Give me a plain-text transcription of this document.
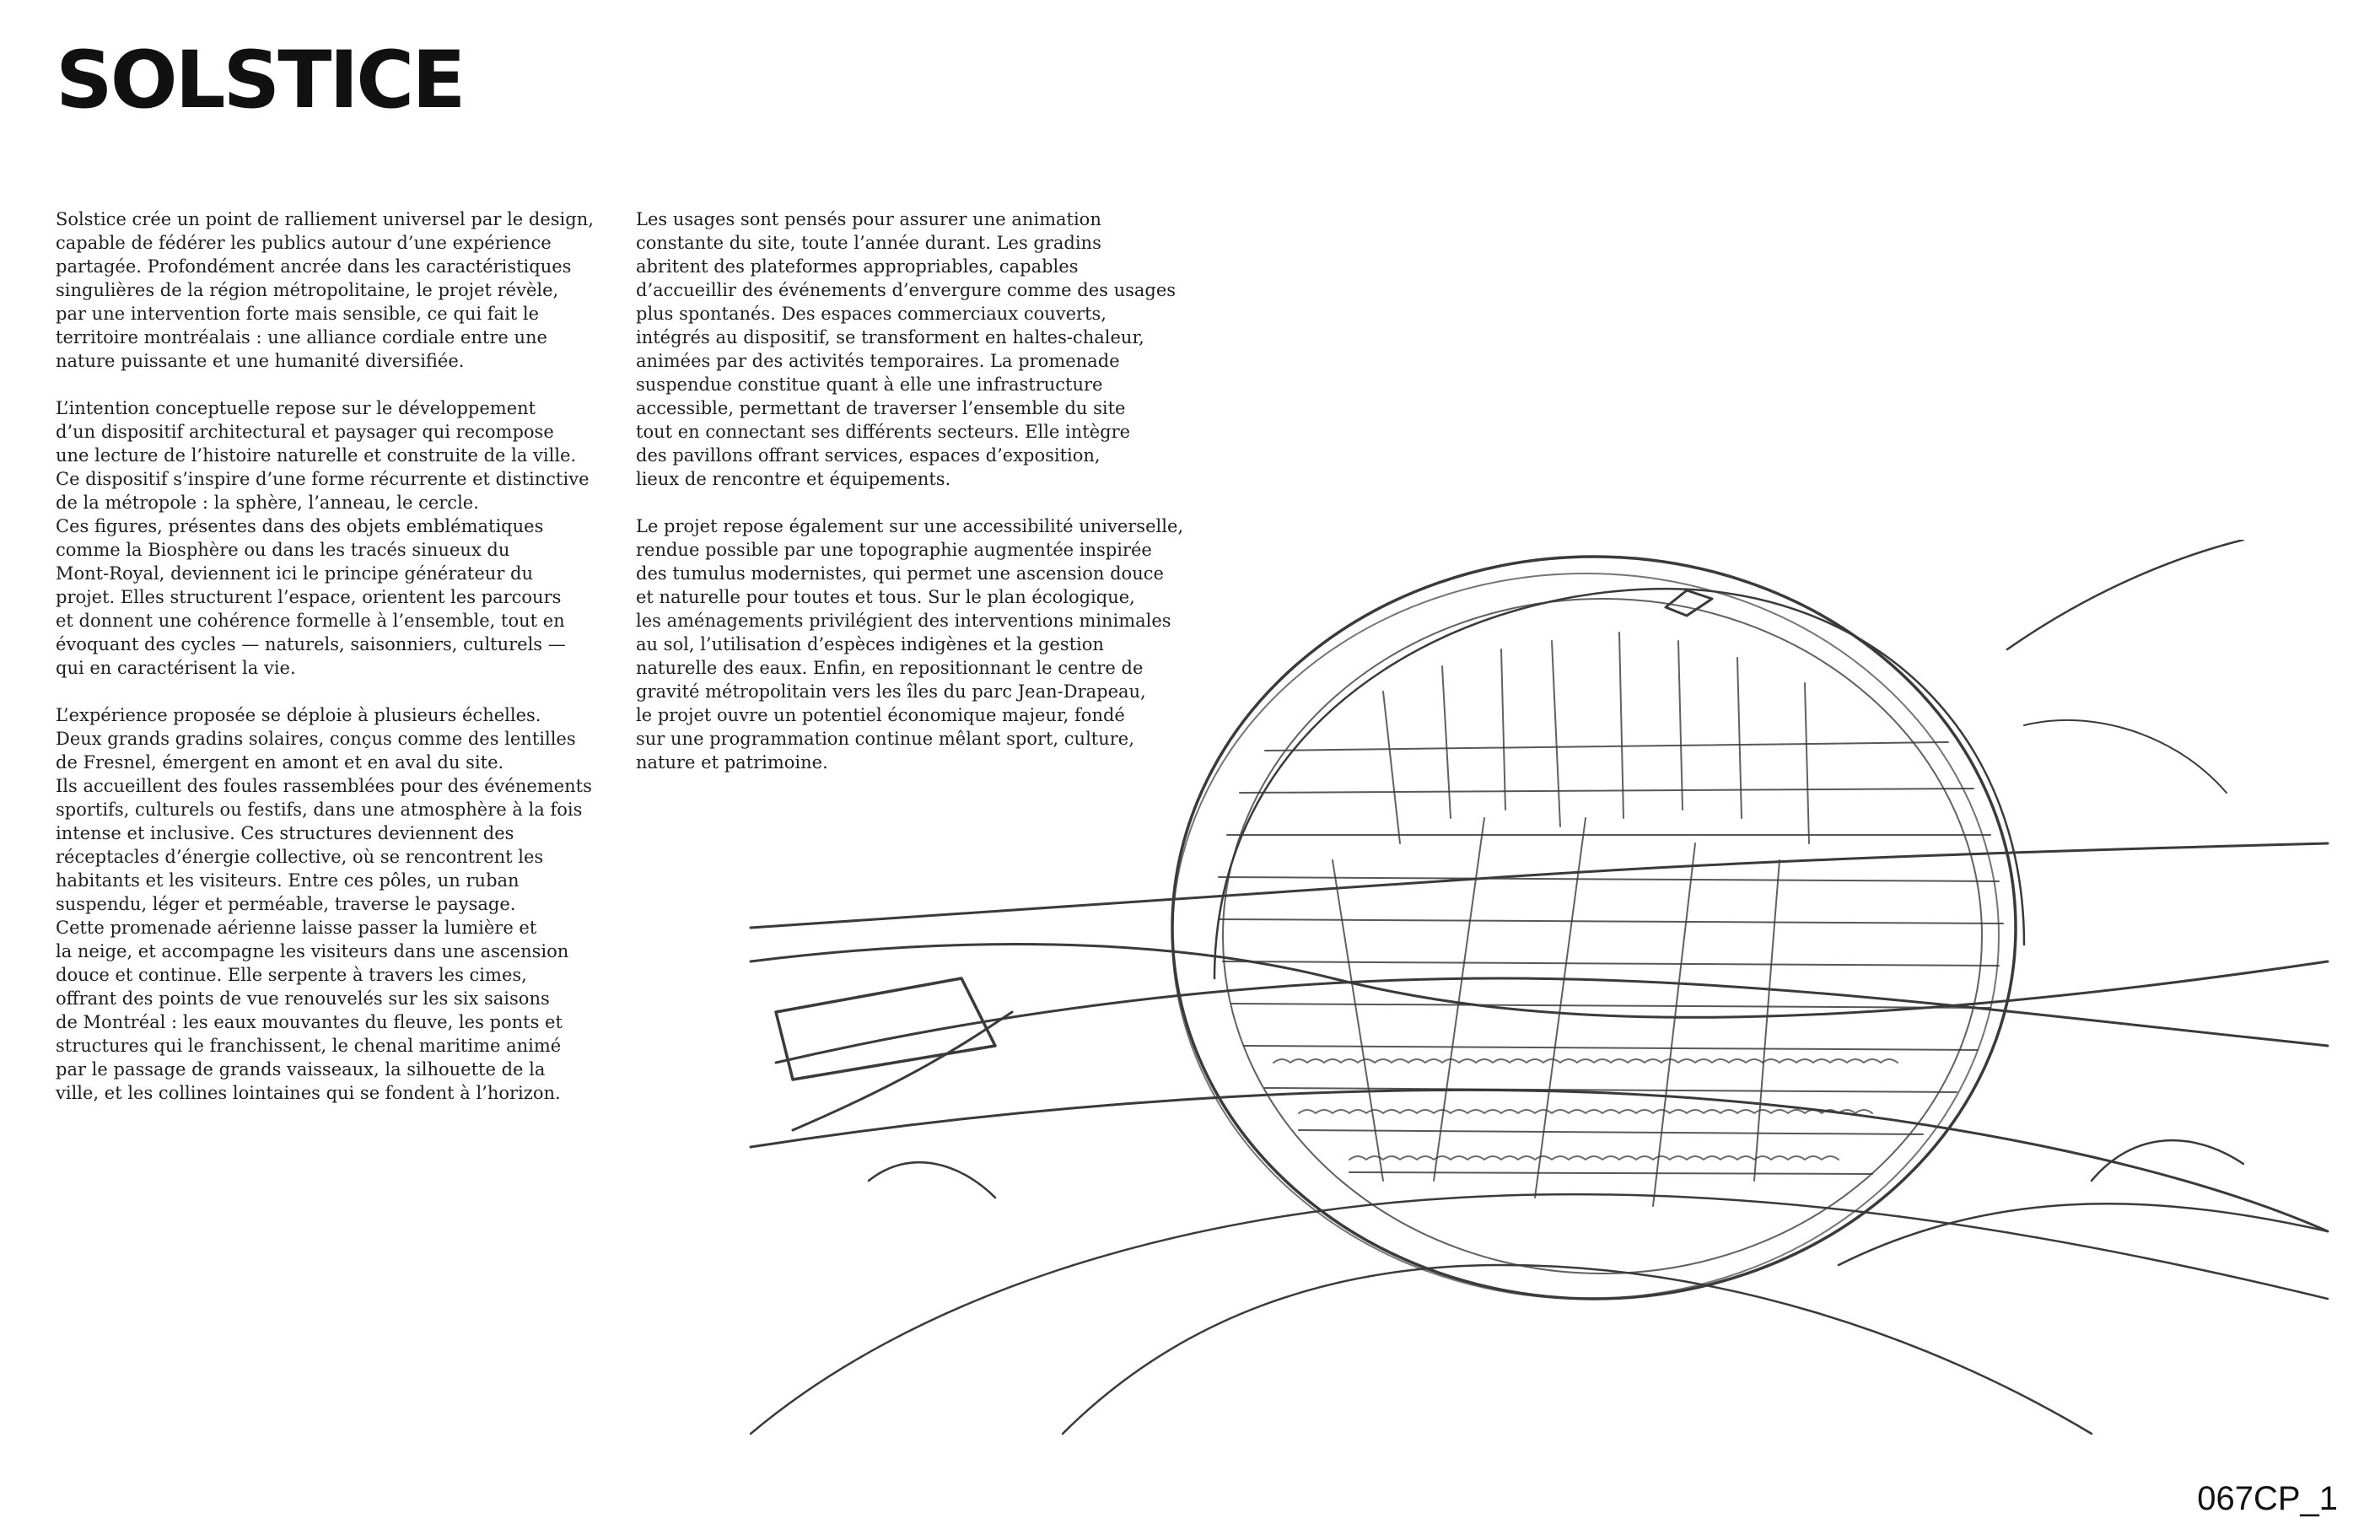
SOLSTICE

Solstice crée un point de ralliement universel par le design,
capable de fédérer les publics autour d’une expérience
partagée. Profondément ancrée dans les caractéristiques
singulières de la région métropolitaine, le projet révèle,
par une intervention forte mais sensible, ce qui fait le
territoire montréalais : une alliance cordiale entre une
nature puissante et une humanité diversifiée.

L’intention conceptuelle repose sur le développement
d’un dispositif architectural et paysager qui recompose
une lecture de l’histoire naturelle et construite de la ville.
Ce dispositif s’inspire d’une forme récurrente et distinctive
de la métropole : la sphère, l’anneau, le cercle.
Ces figures, présentes dans des objets emblématiques
comme la Biosphère ou dans les tracés sinueux du
Mont-Royal, deviennent ici le principe générateur du
projet. Elles structurent l’espace, orientent les parcours
et donnent une cohérence formelle à l’ensemble, tout en
évoquant des cycles — naturels, saisonniers, culturels —
qui en caractérisent la vie.

L’expérience proposée se déploie à plusieurs échelles.
Deux grands gradins solaires, conçus comme des lentilles
de Fresnel, émergent en amont et en aval du site.
Ils accueillent des foules rassemblées pour des événements
sportifs, culturels ou festifs, dans une atmosphère à la fois
intense et inclusive. Ces structures deviennent des
réceptacles d’énergie collective, où se rencontrent les
habitants et les visiteurs. Entre ces pôles, un ruban
suspendu, léger et perméable, traverse le paysage.
Cette promenade aérienne laisse passer la lumière et
la neige, et accompagne les visiteurs dans une ascension
douce et continue. Elle serpente à travers les cimes,
offrant des points de vue renouvelés sur les six saisons
de Montréal : les eaux mouvantes du fleuve, les ponts et
structures qui le franchissent, le chenal maritime animé
par le passage de grands vaisseaux, la silhouette de la
ville, et les collines lointaines qui se fondent à l’horizon.

Les usages sont pensés pour assurer une animation
constante du site, toute l’année durant. Les gradins
abritent des plateformes appropriables, capables
d’accueillir des événements d’envergure comme des usages
plus spontanés. Des espaces commerciaux couverts,
intégrés au dispositif, se transforment en haltes-chaleur,
animées par des activités temporaires. La promenade
suspendue constitue quant à elle une infrastructure
accessible, permettant de traverser l’ensemble du site
tout en connectant ses différents secteurs. Elle intègre
des pavillons offrant services, espaces d’exposition,
lieux de rencontre et équipements.

Le projet repose également sur une accessibilité universelle,
rendue possible par une topographie augmentée inspirée
des tumulus modernistes, qui permet une ascension douce
et naturelle pour toutes et tous. Sur le plan écologique,
les aménagements privilégient des interventions minimales
au sol, l’utilisation d’espèces indigènes et la gestion
naturelle des eaux. Enfin, en repositionnant le centre de
gravité métropolitain vers les îles du parc Jean-Drapeau,
le projet ouvre un potentiel économique majeur, fondé
sur une programmation continue mêlant sport, culture,
nature et patrimoine.

067CP_1
